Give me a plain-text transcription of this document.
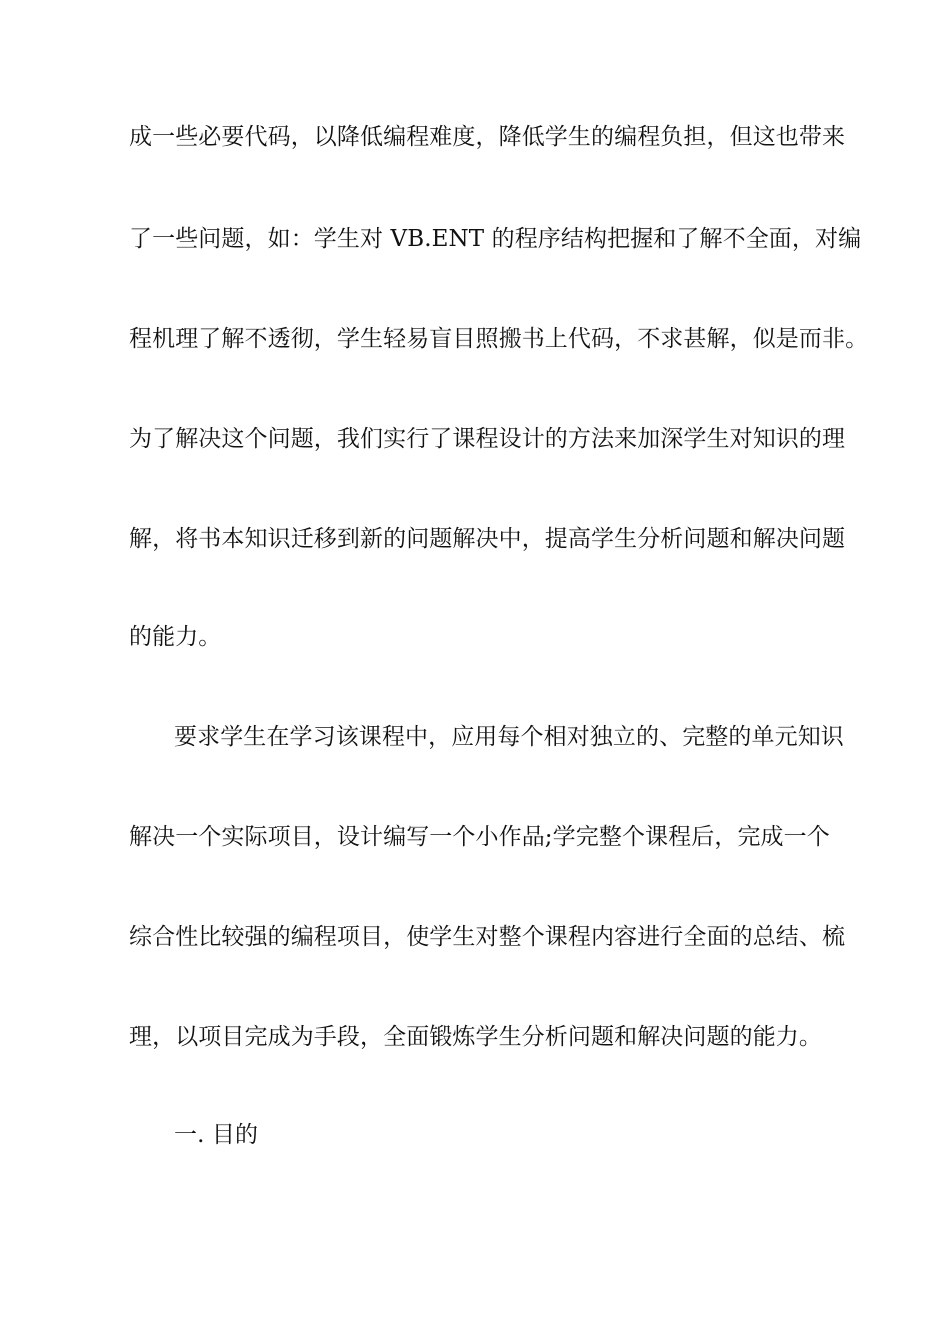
成一些必要代码，以降低编程难度，降低学生的编程负担，但这也带来
了一些问题，如：学生对 VB.ENT 的程序结构把握和了解不全面，对编
程机理了解不透彻，学生轻易盲目照搬书上代码，不求甚解，似是而非。
为了解决这个问题，我们实行了课程设计的方法来加深学生对知识的理
解，将书本知识迁移到新的问题解决中，提高学生分析问题和解决问题
的能力。
要求学生在学习该课程中，应用每个相对独立的、完整的单元知识
解决一个实际项目，设计编写一个小作品;学完整个课程后，完成一个
综合性比较强的编程项目，使学生对整个课程内容进行全面的总结、梳
理，以项目完成为手段，全面锻炼学生分析问题和解决问题的能力。
一. 目的
